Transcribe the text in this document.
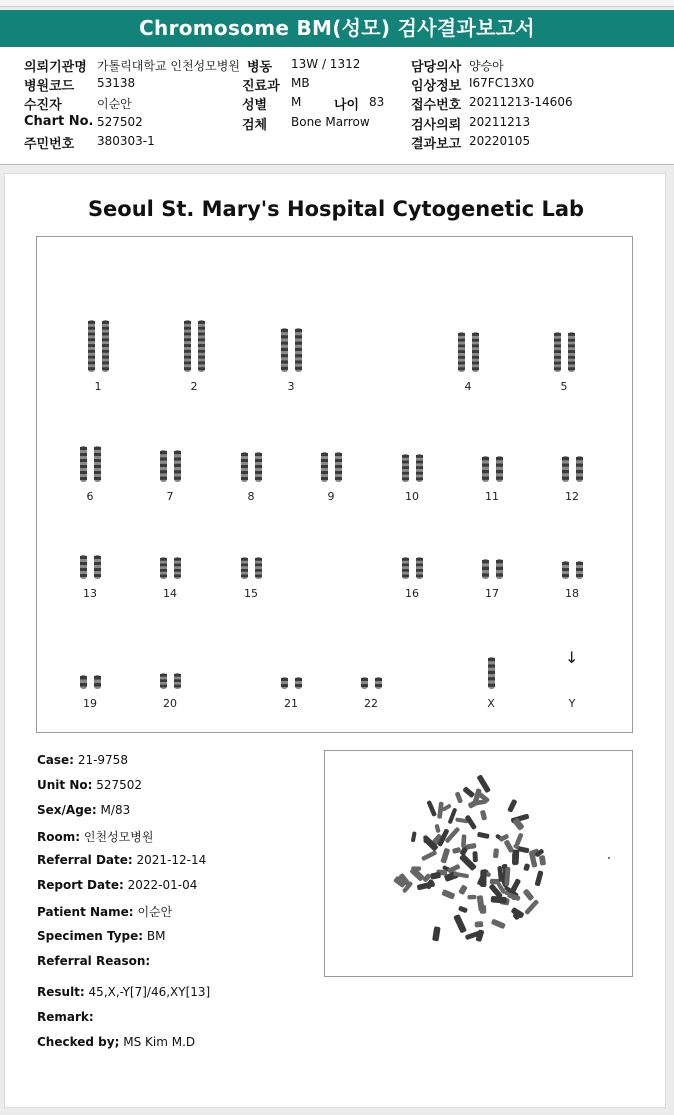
Chromosome BM(성모) 검사결과보고서
의뢰기관명 가톨릭대학교 인천성모병원
병원코드 53138
수진자	이순안
Chart No. 527502
주민번호 380303-1
병동 13W / 1312
진료과 MB
성별 M	나이 83
검체 Bone Marrow
담당의사 양승아
임상정보 I67FC13X0
접수번호 20211213-14606
검사의뢰 20211213
결과보고 20220105
Seoul St. Mary's Hospital Cytogenetic Lab
1	2	3	4	5
6	7	8	9	10	11	12
13	14	15	16	17	18
19	20	21	22	X	Y
↓
Case: 21-9758
Unit No: 527502
Sex/Age: M/83
Room: 인천성모병원
Referral Date: 2021-12-14
Report Date: 2022-01-04
Patient Name: 이순안
Specimen Type: BM
Referral Reason:
Result: 45,X,-Y[7]/46,XY[13]
Remark:
Checked by; MS Kim M.D
